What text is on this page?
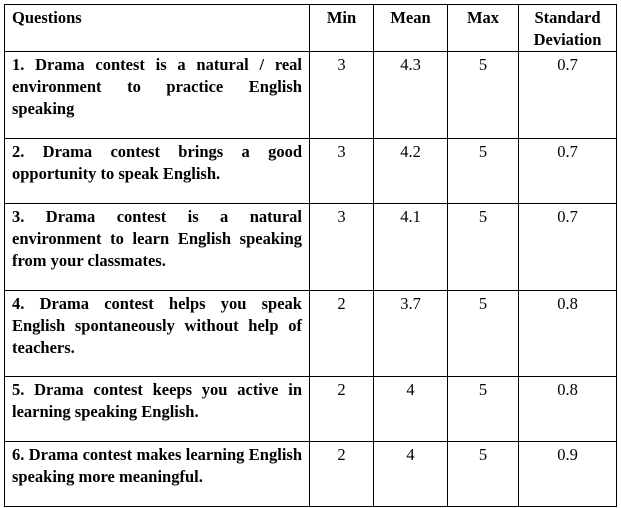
Questions	Min	Mean	Max	Standard Deviation
1. Drama contest is a natural / real environment to practice English speaking	3	4.3	5	0.7
2. Drama contest brings a good opportunity to speak English.	3	4.2	5	0.7
3. Drama contest is a natural environment to learn English speaking from your classmates.	3	4.1	5	0.7
4. Drama contest helps you speak English spontaneously without help of teachers.	2	3.7	5	0.8
5. Drama contest keeps you active in learning speaking English.	2	4	5	0.8
6. Drama contest makes learning English speaking more meaningful.	2	4	5	0.9
